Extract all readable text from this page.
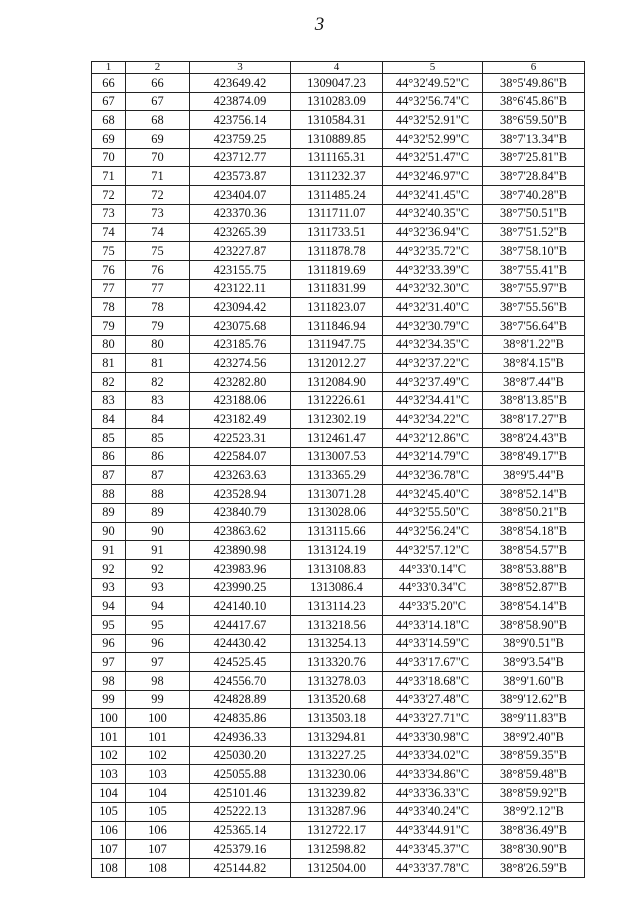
3
1	2	3	4	5	6
66	66	423649.42	1309047.23	44°32'49.52"С	38°5'49.86"В
67	67	423874.09	1310283.09	44°32'56.74"С	38°6'45.86"В
68	68	423756.14	1310584.31	44°32'52.91"С	38°6'59.50"В
69	69	423759.25	1310889.85	44°32'52.99"С	38°7'13.34"В
70	70	423712.77	1311165.31	44°32'51.47"С	38°7'25.81"В
71	71	423573.87	1311232.37	44°32'46.97"С	38°7'28.84"В
72	72	423404.07	1311485.24	44°32'41.45"С	38°7'40.28"В
73	73	423370.36	1311711.07	44°32'40.35"С	38°7'50.51"В
74	74	423265.39	1311733.51	44°32'36.94"С	38°7'51.52"В
75	75	423227.87	1311878.78	44°32'35.72"С	38°7'58.10"В
76	76	423155.75	1311819.69	44°32'33.39"С	38°7'55.41"В
77	77	423122.11	1311831.99	44°32'32.30"С	38°7'55.97"В
78	78	423094.42	1311823.07	44°32'31.40"С	38°7'55.56"В
79	79	423075.68	1311846.94	44°32'30.79"С	38°7'56.64"В
80	80	423185.76	1311947.75	44°32'34.35"С	38°8'1.22"В
81	81	423274.56	1312012.27	44°32'37.22"С	38°8'4.15"В
82	82	423282.80	1312084.90	44°32'37.49"С	38°8'7.44"В
83	83	423188.06	1312226.61	44°32'34.41"С	38°8'13.85"В
84	84	423182.49	1312302.19	44°32'34.22"С	38°8'17.27"В
85	85	422523.31	1312461.47	44°32'12.86"С	38°8'24.43"В
86	86	422584.07	1313007.53	44°32'14.79"С	38°8'49.17"В
87	87	423263.63	1313365.29	44°32'36.78"С	38°9'5.44"В
88	88	423528.94	1313071.28	44°32'45.40"С	38°8'52.14"В
89	89	423840.79	1313028.06	44°32'55.50"С	38°8'50.21"В
90	90	423863.62	1313115.66	44°32'56.24"С	38°8'54.18"В
91	91	423890.98	1313124.19	44°32'57.12"С	38°8'54.57"В
92	92	423983.96	1313108.83	44°33'0.14"С	38°8'53.88"В
93	93	423990.25	1313086.4	44°33'0.34"С	38°8'52.87"В
94	94	424140.10	1313114.23	44°33'5.20"С	38°8'54.14"В
95	95	424417.67	1313218.56	44°33'14.18"С	38°8'58.90"В
96	96	424430.42	1313254.13	44°33'14.59"С	38°9'0.51"В
97	97	424525.45	1313320.76	44°33'17.67"С	38°9'3.54"В
98	98	424556.70	1313278.03	44°33'18.68"С	38°9'1.60"В
99	99	424828.89	1313520.68	44°33'27.48"С	38°9'12.62"В
100	100	424835.86	1313503.18	44°33'27.71"С	38°9'11.83"В
101	101	424936.33	1313294.81	44°33'30.98"С	38°9'2.40"В
102	102	425030.20	1313227.25	44°33'34.02"С	38°8'59.35"В
103	103	425055.88	1313230.06	44°33'34.86"С	38°8'59.48"В
104	104	425101.46	1313239.82	44°33'36.33"С	38°8'59.92"В
105	105	425222.13	1313287.96	44°33'40.24"С	38°9'2.12"В
106	106	425365.14	1312722.17	44°33'44.91"С	38°8'36.49"В
107	107	425379.16	1312598.82	44°33'45.37"С	38°8'30.90"В
108	108	425144.82	1312504.00	44°33'37.78"С	38°8'26.59"В
